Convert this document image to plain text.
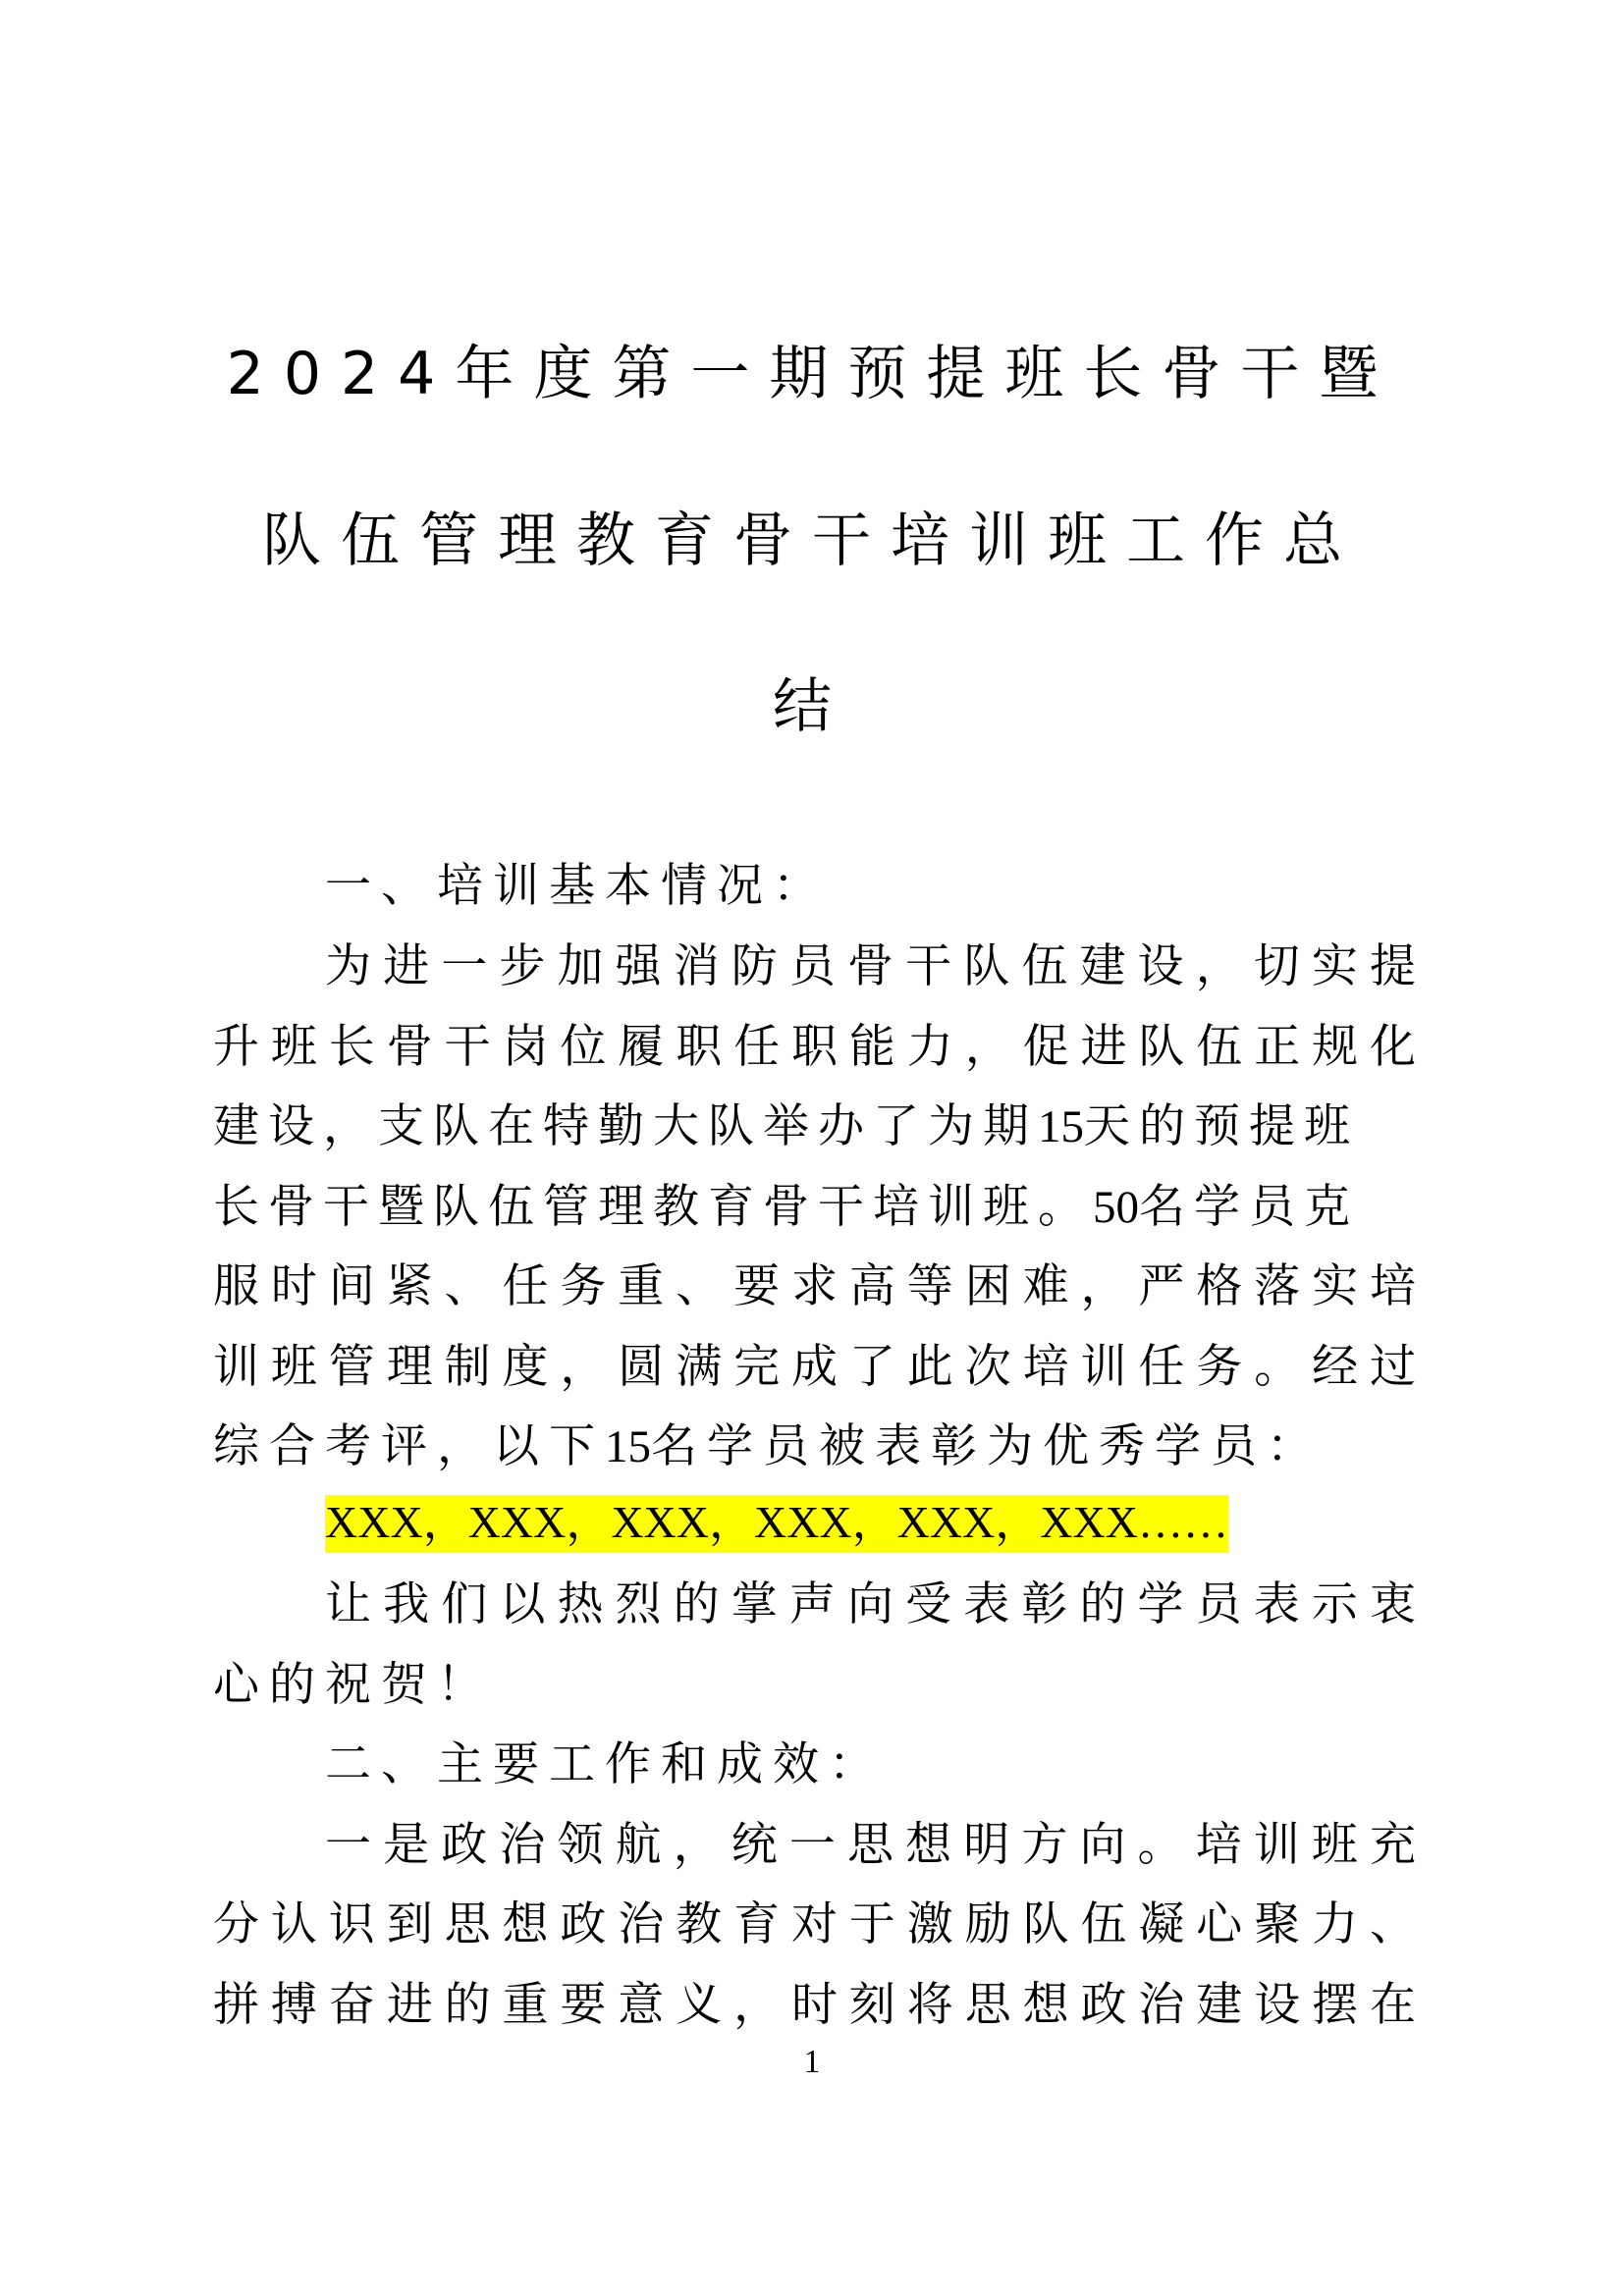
2024年度第一期预提班长骨干暨
队伍管理教育骨干培训班工作总
结
一、培训基本情况：
为进一步加强消防员骨干队伍建设，切实提
升班长骨干岗位履职任职能力，促进队伍正规化
建设，支队在特勤大队举办了为期15天的预提班
长骨干暨队伍管理教育骨干培训班。50名学员克
服时间紧、任务重、要求高等困难，严格落实培
训班管理制度，圆满完成了此次培训任务。经过
综合考评，以下15名学员被表彰为优秀学员：
XXX，XXX，XXX，XXX，XXX，XXX……
让我们以热烈的掌声向受表彰的学员表示衷
心的祝贺！
二、主要工作和成效：
一是政治领航，统一思想明方向。培训班充
分认识到思想政治教育对于激励队伍凝心聚力、
拼搏奋进的重要意义，时刻将思想政治建设摆在
1
